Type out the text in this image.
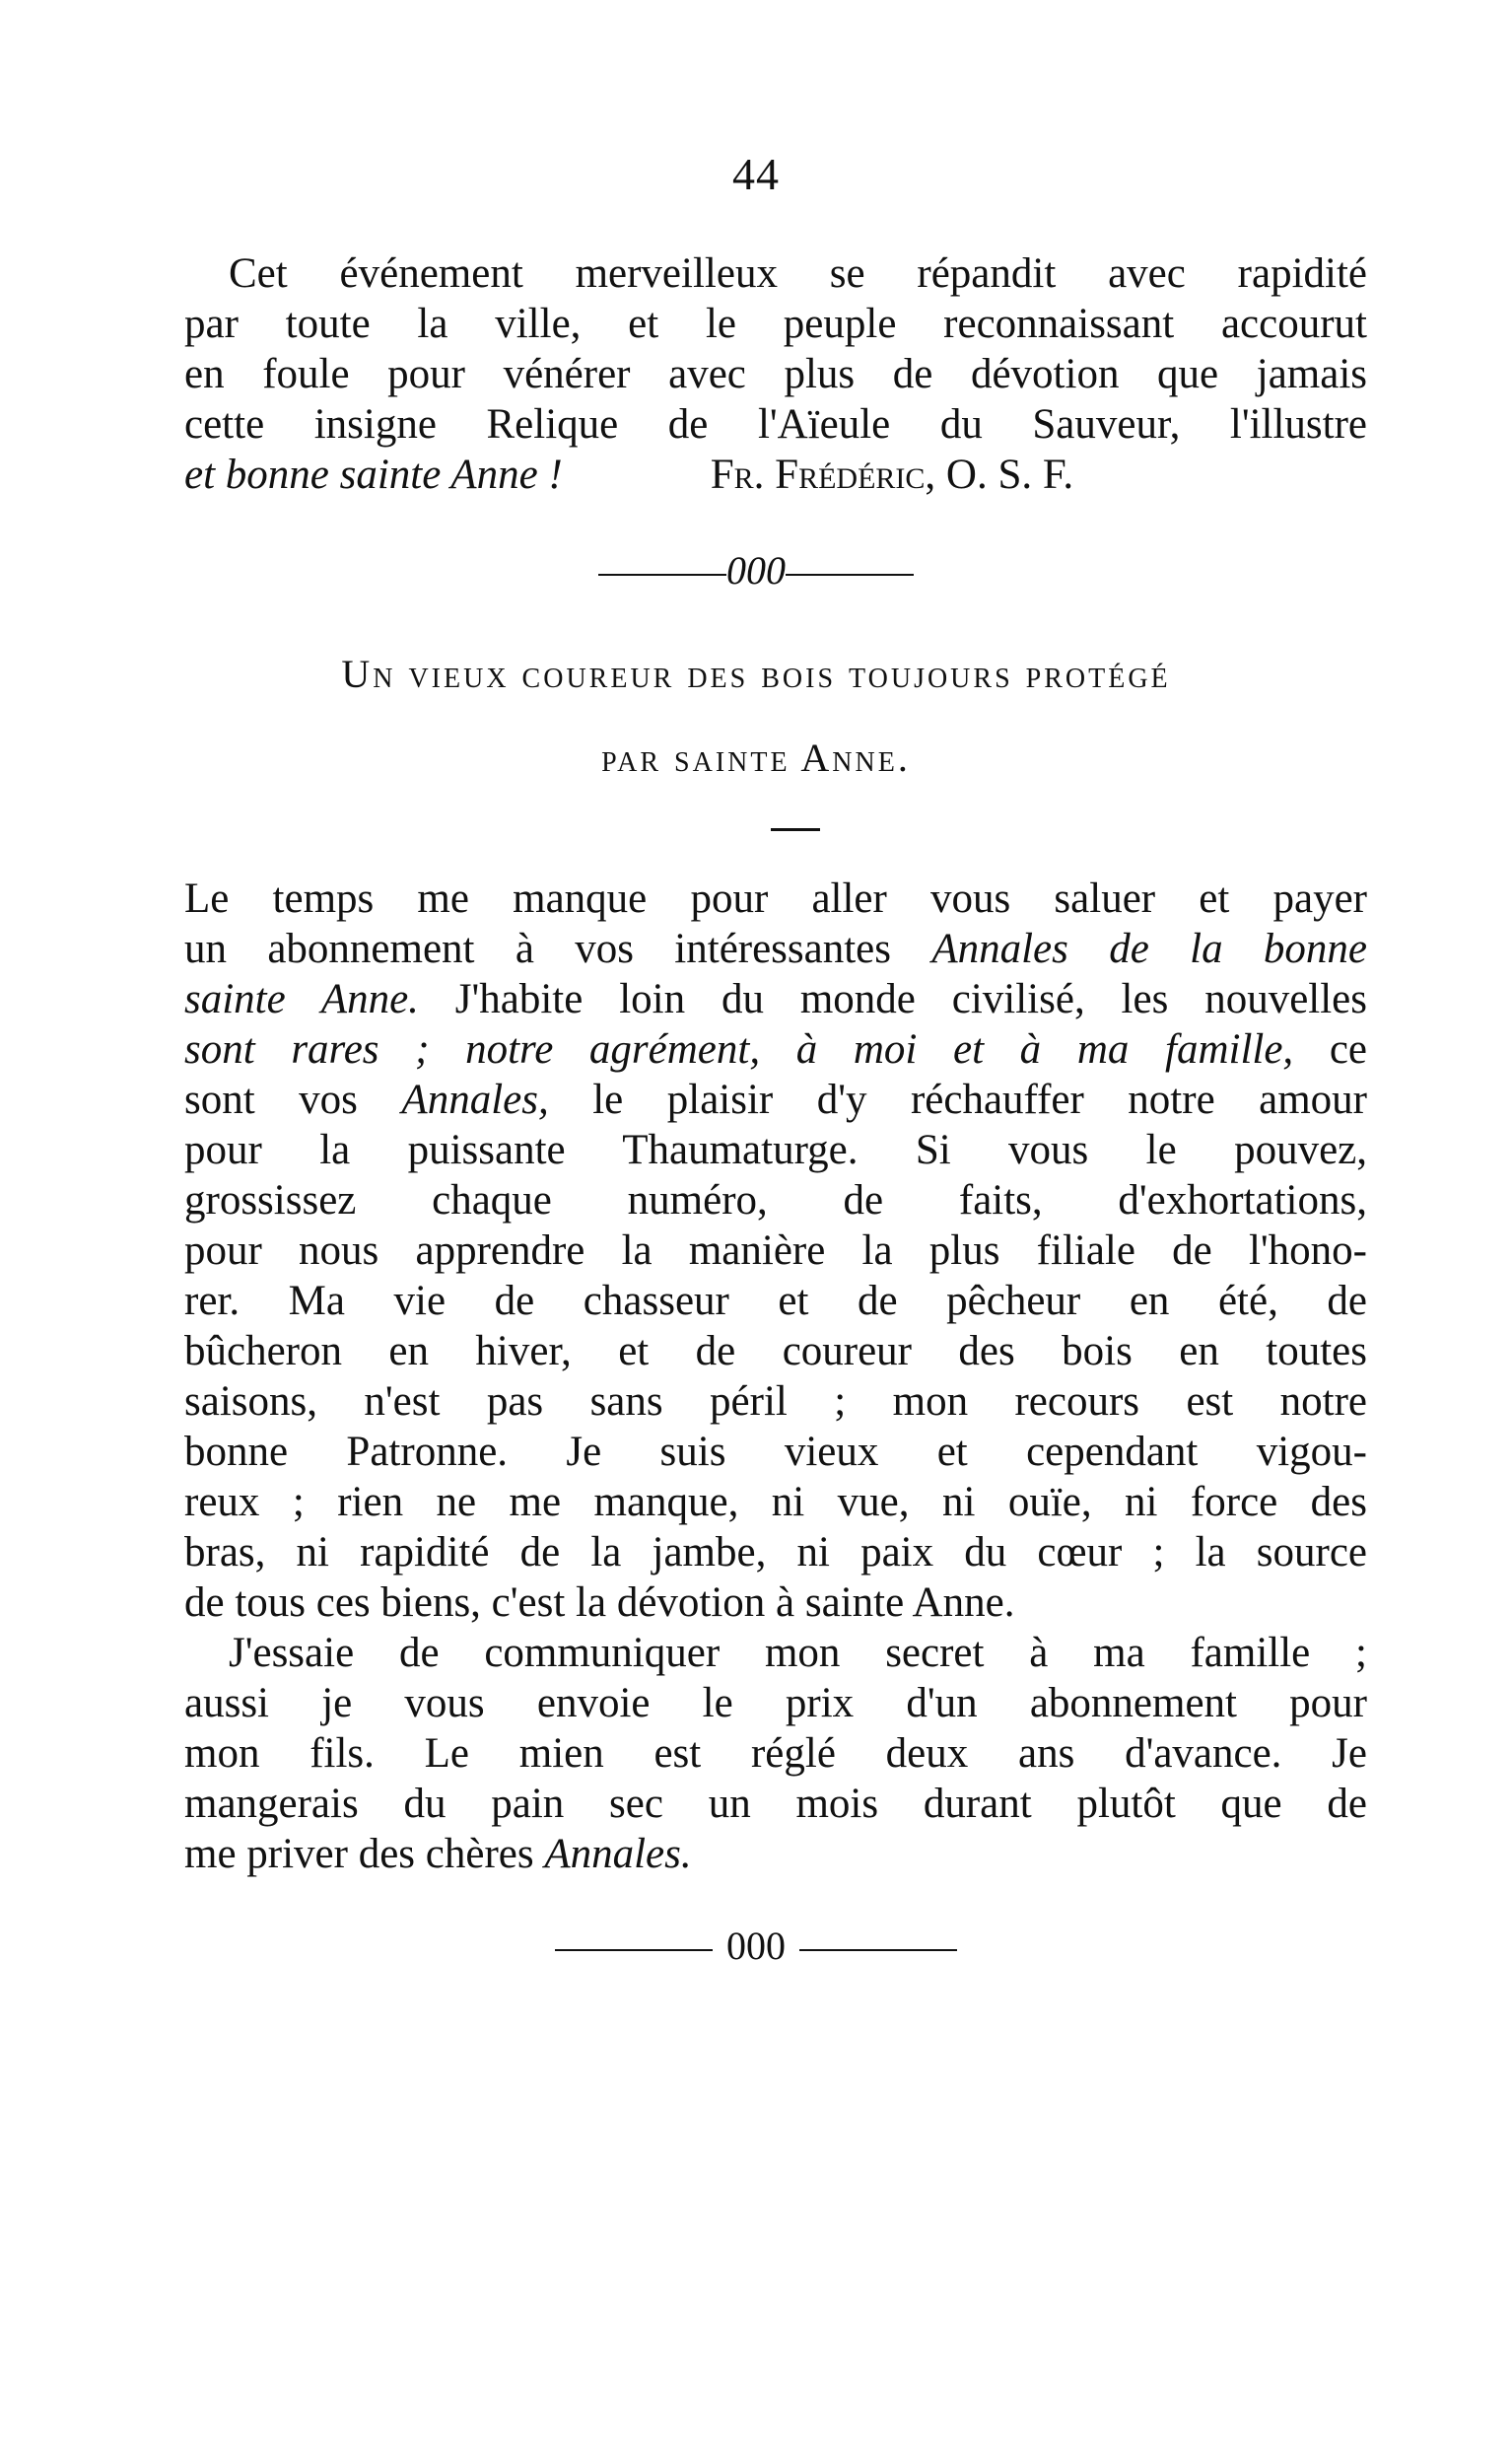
44
Cet événement merveilleux se répandit avec rapidité
par toute la ville, et le peuple reconnaissant accourut
en foule pour vénérer avec plus de dévotion que jamais
cette insigne Relique de l'Aïeule du Sauveur, l'illustre
et bonne sainte Anne !	Fr. Frédéric, O. S. F.
000
Un vieux coureur des bois toujours protégé
par sainte Anne.
Le temps me manque pour aller vous saluer et payer
un abonnement à vos intéressantes Annales de la bonne
sainte Anne. J'habite loin du monde civilisé, les nouvelles
sont rares ; notre agrément, à moi et à ma famille, ce
sont vos Annales, le plaisir d'y réchauffer notre amour
pour la puissante Thaumaturge. Si vous le pouvez,
grossissez chaque numéro, de faits, d'exhortations,
pour nous apprendre la manière la plus filiale de l'hono-
rer. Ma vie de chasseur et de pêcheur en été, de
bûcheron en hiver, et de coureur des bois en toutes
saisons, n'est pas sans péril ; mon recours est notre
bonne Patronne. Je suis vieux et cependant vigou-
reux ; rien ne me manque, ni vue, ni ouïe, ni force des
bras, ni rapidité de la jambe, ni paix du cœur ; la source
de tous ces biens, c'est la dévotion à sainte Anne.
J'essaie de communiquer mon secret à ma famille ;
aussi je vous envoie le prix d'un abonnement pour
mon fils. Le mien est réglé deux ans d'avance. Je
mangerais du pain sec un mois durant plutôt que de
me priver des chères Annales.
000
